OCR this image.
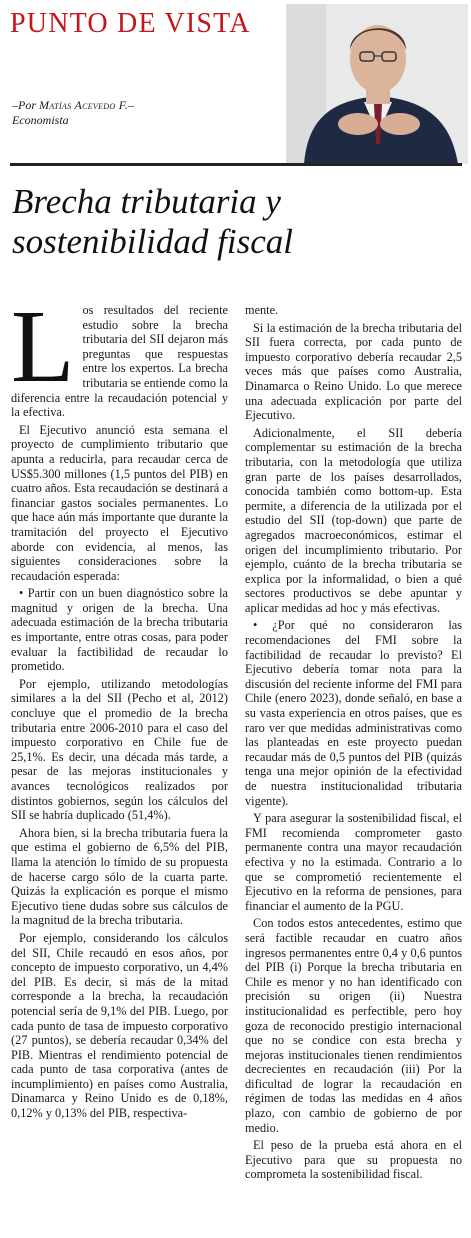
PUNTO DE VISTA
–Por Matías Acevedo F.–
Economista
Brecha tributaria y sostenibilidad fiscal

Los resultados del reciente estudio sobre la brecha tributaria del SII dejaron más preguntas que respuestas entre los expertos. La brecha tributaria se entiende como la diferencia entre la recaudación potencial y la efectiva.

El Ejecutivo anunció esta semana el proyecto de cumplimiento tributario que apunta a reducirla, para recaudar cerca de US$5.300 millones (1,5 puntos del PIB) en cuatro años. Esta recaudación se destinará a financiar gastos sociales permanentes. Lo que hace aún más importante que durante la tramitación del proyecto el Ejecutivo aborde con evidencia, al menos, las siguientes consideraciones sobre la recaudación esperada:

• Partir con un buen diagnóstico sobre la magnitud y origen de la brecha. Una adecuada estimación de la brecha tributaria es importante, entre otras cosas, para poder evaluar la factibilidad de recaudar lo prometido.

Por ejemplo, utilizando metodologías similares a la del SII (Pecho et al, 2012) concluye que el promedio de la brecha tributaria entre 2006-2010 para el caso del impuesto corporativo en Chile fue de 25,1%. Es decir, una década más tarde, a pesar de las mejoras institucionales y avances tecnológicos realizados por distintos gobiernos, según los cálculos del SII se habría duplicado (51,4%).

Ahora bien, si la brecha tributaria fuera la que estima el gobierno de 6,5% del PIB, llama la atención lo tímido de su propuesta de hacerse cargo sólo de la cuarta parte. Quizás la explicación es porque el mismo Ejecutivo tiene dudas sobre sus cálculos de la magnitud de la brecha tributaria.

Por ejemplo, considerando los cálculos del SII, Chile recaudó en esos años, por concepto de impuesto corporativo, un 4,4% del PIB. Es decir, si más de la mitad corresponde a la brecha, la recaudación potencial sería de 9,1% del PIB. Luego, por cada punto de tasa de impuesto corporativo (27 puntos), se debería recaudar 0,34% del PIB. Mientras el rendimiento potencial de cada punto de tasa corporativa (antes de incumplimiento) en países como Australia, Dinamarca y Reino Unido es de 0,18%, 0,12% y 0,13% del PIB, respectiva-

mente.

Si la estimación de la brecha tributaria del SII fuera correcta, por cada punto de impuesto corporativo debería recaudar 2,5 veces más que países como Australia, Dinamarca o Reino Unido. Lo que merece una adecuada explicación por parte del Ejecutivo.

Adicionalmente, el SII debería complementar su estimación de la brecha tributaria, con la metodología que utiliza gran parte de los países desarrollados, conocida también como bottom-up. Esta permite, a diferencia de la utilizada por el estudio del SII (top-down) que parte de agregados macroeconómicos, estimar el origen del incumplimiento tributario. Por ejemplo, cuánto de la brecha tributaria se explica por la informalidad, o bien a qué sectores productivos se debe apuntar y aplicar medidas ad hoc y más efectivas.

• ¿Por qué no consideraron las recomendaciones del FMI sobre la factibilidad de recaudar lo previsto? El Ejecutivo debería tomar nota para la discusión del reciente informe del FMI para Chile (enero 2023), donde señaló, en base a su vasta experiencia en otros países, que es raro ver que medidas administrativas como las planteadas en este proyecto puedan recaudar más de 0,5 puntos del PIB (quizás tenga una mejor opinión de la efectividad de nuestra institucionalidad tributaria vigente).

Y para asegurar la sostenibilidad fiscal, el FMI recomienda comprometer gasto permanente contra una mayor recaudación efectiva y no la estimada. Contrario a lo que se comprometió recientemente el Ejecutivo en la reforma de pensiones, para financiar el aumento de la PGU.

Con todos estos antecedentes, estimo que será factible recaudar en cuatro años ingresos permanentes entre 0,4 y 0,6 puntos del PIB (i) Porque la brecha tributaria en Chile es menor y no han identificado con precisión su origen (ii) Nuestra institucionalidad es perfectible, pero hoy goza de reconocido prestigio internacional que no se condice con esta brecha y mejoras institucionales tienen rendimientos decrecientes en recaudación (iii) Por la dificultad de lograr la recaudación en régimen de todas las medidas en 4 años plazo, con cambio de gobierno de por medio.

El peso de la prueba está ahora en el Ejecutivo para que su propuesta no comprometa la sostenibilidad fiscal.
